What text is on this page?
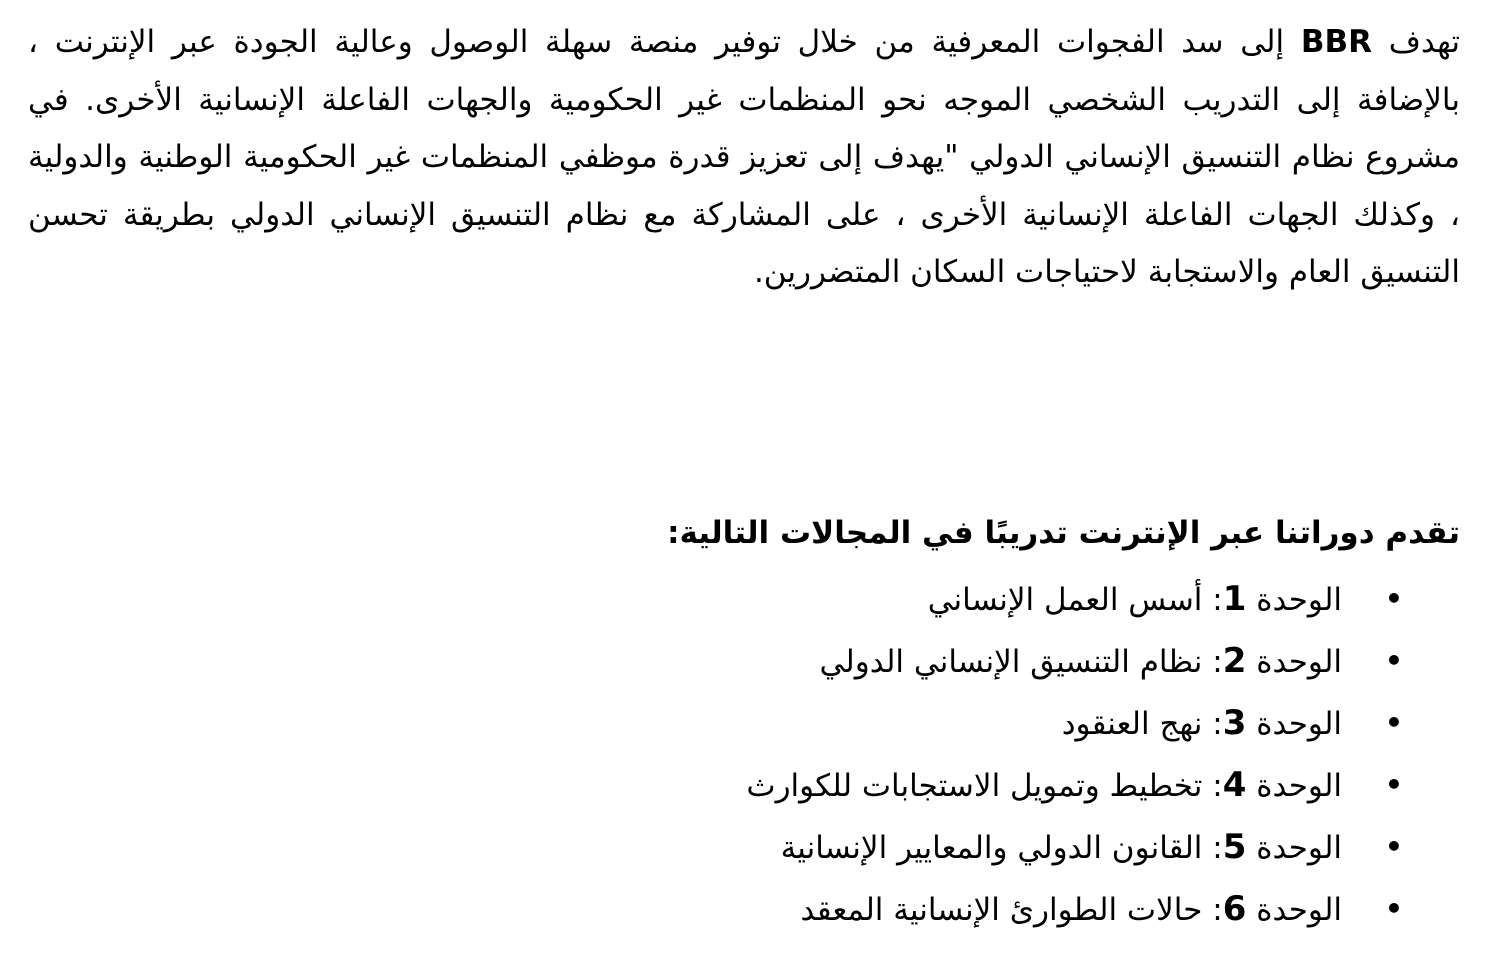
تهدف BBR إلى سد الفجوات المعرفية من خلال توفير منصة سهلة الوصول وعالية الجودة عبر الإنترنت ، بالإضافة إلى التدريب الشخصي الموجه نحو المنظمات غير الحكومية والجهات الفاعلة الإنسانية الأخرى. في مشروع نظام التنسيق الإنساني الدولي "يهدف إلى تعزيز قدرة موظفي المنظمات غير الحكومية الوطنية والدولية ، وكذلك الجهات الفاعلة الإنسانية الأخرى ، على المشاركة مع نظام التنسيق الإنساني الدولي بطريقة تحسن التنسيق العام والاستجابة لاحتياجات السكان المتضررين.

تقدم دوراتنا عبر الإنترنت تدريبًا في المجالات التالية:

•
الوحدة 1: أسس العمل الإنساني
•
الوحدة 2: نظام التنسيق الإنساني الدولي
•
الوحدة 3: نهج العنقود
•
الوحدة 4: تخطيط وتمويل الاستجابات للكوارث
•
الوحدة 5: القانون الدولي والمعايير الإنسانية
•
الوحدة 6: حالات الطوارئ الإنسانية المعقد
